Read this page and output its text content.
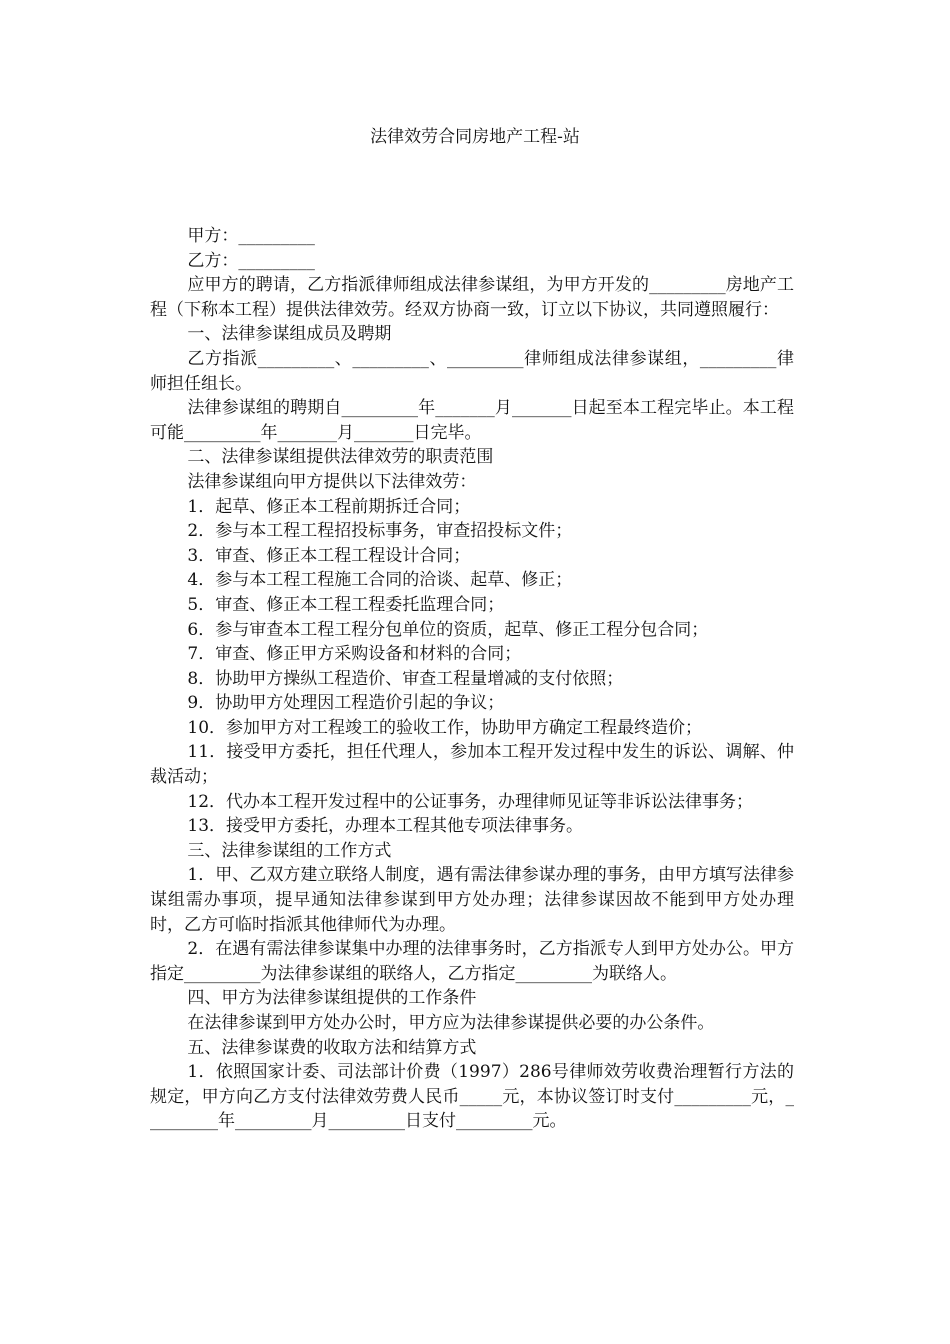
法律效劳合同房地产工程-站

甲方：_________

乙方：_________

应甲方的聘请，乙方指派律师组成法律参谋组，为甲方开发的_________房地产工程（下称本工程）提供法律效劳。经双方协商一致，订立以下协议，共同遵照履行：

一、法律参谋组成员及聘期

乙方指派_________、_________、_________律师组成法律参谋组，_________律师担任组长。

法律参谋组的聘期自_________年_______月_______日起至本工程完毕止。本工程可能_________年_______月_______日完毕。

二、法律参谋组提供法律效劳的职责范围

法律参谋组向甲方提供以下法律效劳：

1．起草、修正本工程前期拆迁合同；

2．参与本工程工程招投标事务，审查招投标文件；

3．审查、修正本工程工程设计合同；

4．参与本工程工程施工合同的洽谈、起草、修正；

5．审查、修正本工程工程委托监理合同；

6．参与审查本工程工程分包单位的资质，起草、修正工程分包合同；

7．审查、修正甲方采购设备和材料的合同；

8．协助甲方操纵工程造价、审查工程量增减的支付依照；

9．协助甲方处理因工程造价引起的争议；

10．参加甲方对工程竣工的验收工作，协助甲方确定工程最终造价；

11．接受甲方委托，担任代理人，参加本工程开发过程中发生的诉讼、调解、仲裁活动；

12．代办本工程开发过程中的公证事务，办理律师见证等非诉讼法律事务；

13．接受甲方委托，办理本工程其他专项法律事务。

三、法律参谋组的工作方式

1．甲、乙双方建立联络人制度，遇有需法律参谋办理的事务，由甲方填写法律参谋组需办事项，提早通知法律参谋到甲方处办理；法律参谋因故不能到甲方处办理时，乙方可临时指派其他律师代为办理。

2．在遇有需法律参谋集中办理的法律事务时，乙方指派专人到甲方处办公。甲方指定_________为法律参谋组的联络人，乙方指定_________为联络人。

四、甲方为法律参谋组提供的工作条件

在法律参谋到甲方处办公时，甲方应为法律参谋提供必要的办公条件。

五、法律参谋费的收取方法和结算方式

1．依照国家计委、司法部计价费（1997）286号律师效劳收费治理暂行方法的规定，甲方向乙方支付法律效劳费人民币_____元，本协议签订时支付_________元，_________年_________月_________日支付_________元。
